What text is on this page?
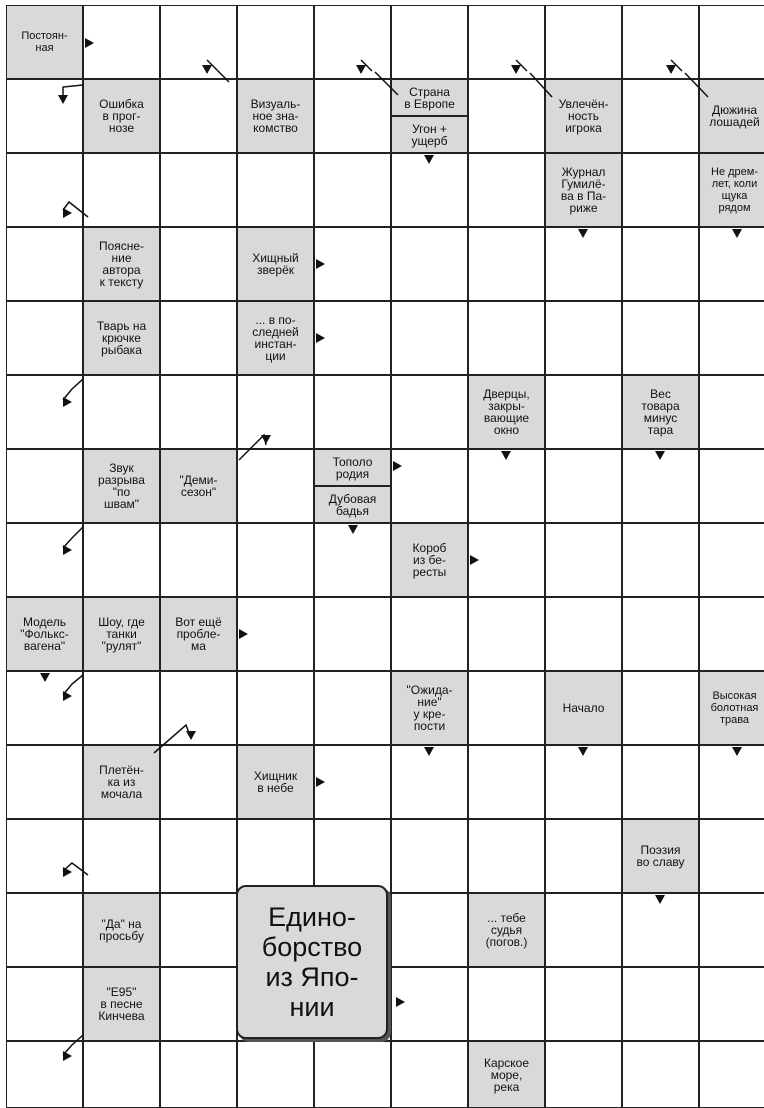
Постоян-
ная
Ошибка
в прог-
нозе
Визуаль-
ное зна-
комство
Страна
в Европе
Угон +
ущерб
Увлечён-
ность
игрока
Дюжина
лошадей
Журнал
Гумилё-
ва в Па-
риже
Не дрем-
лет, коли
щука
рядом
Поясне-
ние
автора
к тексту
Хищный
зверёк
Тварь на
крючке
рыбака
... в по-
следней
инстан-
ции
Дверцы,
закры-
вающие
окно
Вес
товара
минус
тара
Звук
разрыва
"по
швам"
"Деми-
сезон"
Тополо
родия
Дубовая
бадья
Короб
из бе-
ресты
Модель
"Фолькс-
вагена"
Шоу, где
танки
"рулят"
Вот ещё
пробле-
ма
"Ожида-
ние"
у кре-
пости
Начало
Высокая
болотная
трава
Плетён-
ка из
мочала
Хищник
в небе
Поэзия
во славу
"Да" на
просьбу
... тебе
судья
(погов.)
"Е95"
в песне
Кинчева
Карское
море,
река
Едино-
борство
из Япо-
нии
